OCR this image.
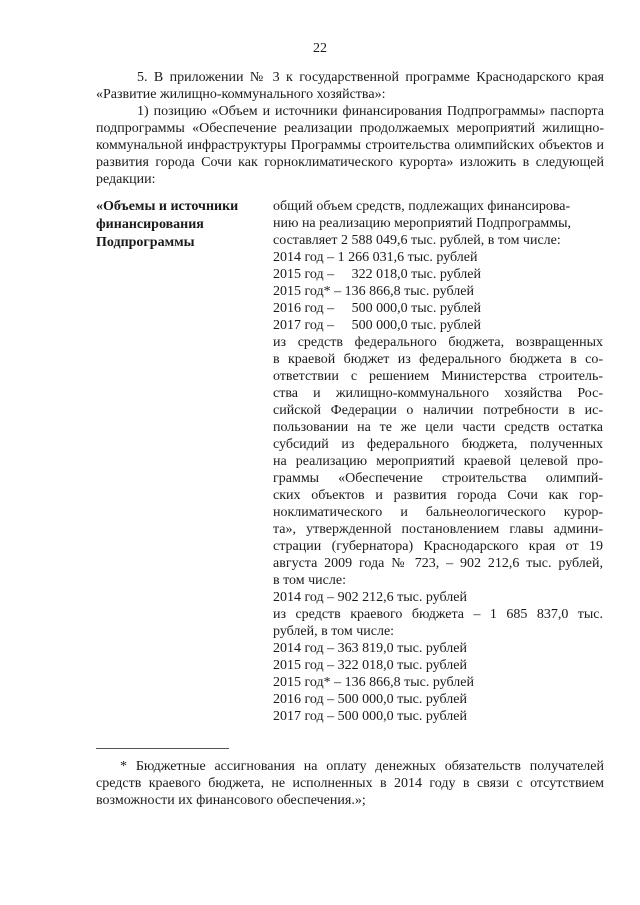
22

5. В приложении № 3 к государственной программе Краснодарского края «Развитие жилищно-коммунального хозяйства»:

1) позицию «Объем и источники финансирования Подпрограммы» паспорта подпрограммы «Обеспечение реализации продолжаемых мероприятий жилищно-коммунальной инфраструктуры Программы строительства олимпийских объектов и развития города Сочи как горноклиматического курорта» изложить в следующей редакции:

«Объемы и источники финансирования Подпрограммы
общий объем средств, подлежащих финансирова-
нию на реализацию мероприятий Подпрограммы,
составляет 2 588 049,6 тыс. рублей, в том числе:
2014 год – 1 266 031,6 тыс. рублей
2015 год –     322 018,0 тыс. рублей
2015 год* – 136 866,8 тыс. рублей
2016 год –     500 000,0 тыс. рублей
2017 год –     500 000,0 тыс. рублей
из средств федерального бюджета, возвращенных
в краевой бюджет из федерального бюджета в со-
ответствии с решением Министерства строитель-
ства и жилищно-коммунального хозяйства Рос-
сийской Федерации о наличии потребности в ис-
пользовании на те же цели части средств остатка
субсидий из федерального бюджета, полученных
на реализацию мероприятий краевой целевой про-
граммы «Обеспечение строительства олимпий-
ских объектов и развития города Сочи как гор-
ноклиматического и бальнеологического курор-
та», утвержденной постановлением главы админи-
страции (губернатора) Краснодарского края от 19
августа 2009 года № 723, – 902 212,6 тыс. рублей,
в том числе:
2014 год – 902 212,6 тыс. рублей
из средств краевого бюджета – 1 685 837,0 тыс.
рублей, в том числе:
2014 год – 363 819,0 тыс. рублей
2015 год – 322 018,0 тыс. рублей
2015 год* – 136 866,8 тыс. рублей
2016 год – 500 000,0 тыс. рублей
2017 год – 500 000,0 тыс. рублей

* Бюджетные ассигнования на оплату денежных обязательств получателей средств краевого бюджета, не исполненных в 2014 году в связи с отсутствием возможности их финансового обеспечения.»;
